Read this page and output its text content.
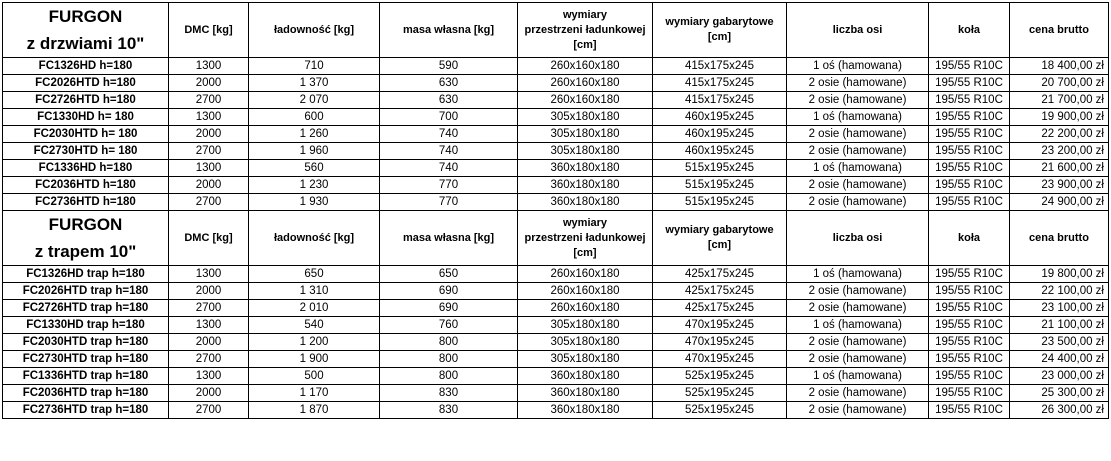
FURGON
z drzwiami 10"	DMC [kg]	ładowność [kg]	masa własna [kg]	wymiary
przestrzeni ładunkowej
[cm]	wymiary gabarytowe
[cm]	liczba osi	koła	cena brutto
FC1326HD h=180	1300	710	590	260x160x180	415x175x245	1 oś (hamowana)	195/55 R10C	18 400,00 zł
FC2026HTD h=180	2000	1 370	630	260x160x180	415x175x245	2 osie (hamowane)	195/55 R10C	20 700,00 zł
FC2726HTD h=180	2700	2 070	630	260x160x180	415x175x245	2 osie (hamowane)	195/55 R10C	21 700,00 zł
FC1330HD h= 180	1300	600	700	305x180x180	460x195x245	1 oś (hamowana)	195/55 R10C	19 900,00 zł
FC2030HTD h= 180	2000	1 260	740	305x180x180	460x195x245	2 osie (hamowane)	195/55 R10C	22 200,00 zł
FC2730HTD h= 180	2700	1 960	740	305x180x180	460x195x245	2 osie (hamowane)	195/55 R10C	23 200,00 zł
FC1336HD h=180	1300	560	740	360x180x180	515x195x245	1 oś (hamowana)	195/55 R10C	21 600,00 zł
FC2036HTD h=180	2000	1 230	770	360x180x180	515x195x245	2 osie (hamowane)	195/55 R10C	23 900,00 zł
FC2736HTD h=180	2700	1 930	770	360x180x180	515x195x245	2 osie (hamowane)	195/55 R10C	24 900,00 zł

FURGON
z trapem 10"	DMC [kg]	ładowność [kg]	masa własna [kg]	wymiary
przestrzeni ładunkowej
[cm]	wymiary gabarytowe
[cm]	liczba osi	koła	cena brutto
FC1326HD trap h=180	1300	650	650	260x160x180	425x175x245	1 oś (hamowana)	195/55 R10C	19 800,00 zł
FC2026HTD trap h=180	2000	1 310	690	260x160x180	425x175x245	2 osie (hamowane)	195/55 R10C	22 100,00 zł
FC2726HTD trap h=180	2700	2 010	690	260x160x180	425x175x245	2 osie (hamowane)	195/55 R10C	23 100,00 zł
FC1330HD trap h=180	1300	540	760	305x180x180	470x195x245	1 oś (hamowana)	195/55 R10C	21 100,00 zł
FC2030HTD trap h=180	2000	1 200	800	305x180x180	470x195x245	2 osie (hamowane)	195/55 R10C	23 500,00 zł
FC2730HTD trap h=180	2700	1 900	800	305x180x180	470x195x245	2 osie (hamowane)	195/55 R10C	24 400,00 zł
FC1336HTD trap h=180	1300	500	800	360x180x180	525x195x245	1 oś (hamowana)	195/55 R10C	23 000,00 zł
FC2036HTD trap h=180	2000	1 170	830	360x180x180	525x195x245	2 osie (hamowane)	195/55 R10C	25 300,00 zł
FC2736HTD trap h=180	2700	1 870	830	360x180x180	525x195x245	2 osie (hamowane)	195/55 R10C	26 300,00 zł
